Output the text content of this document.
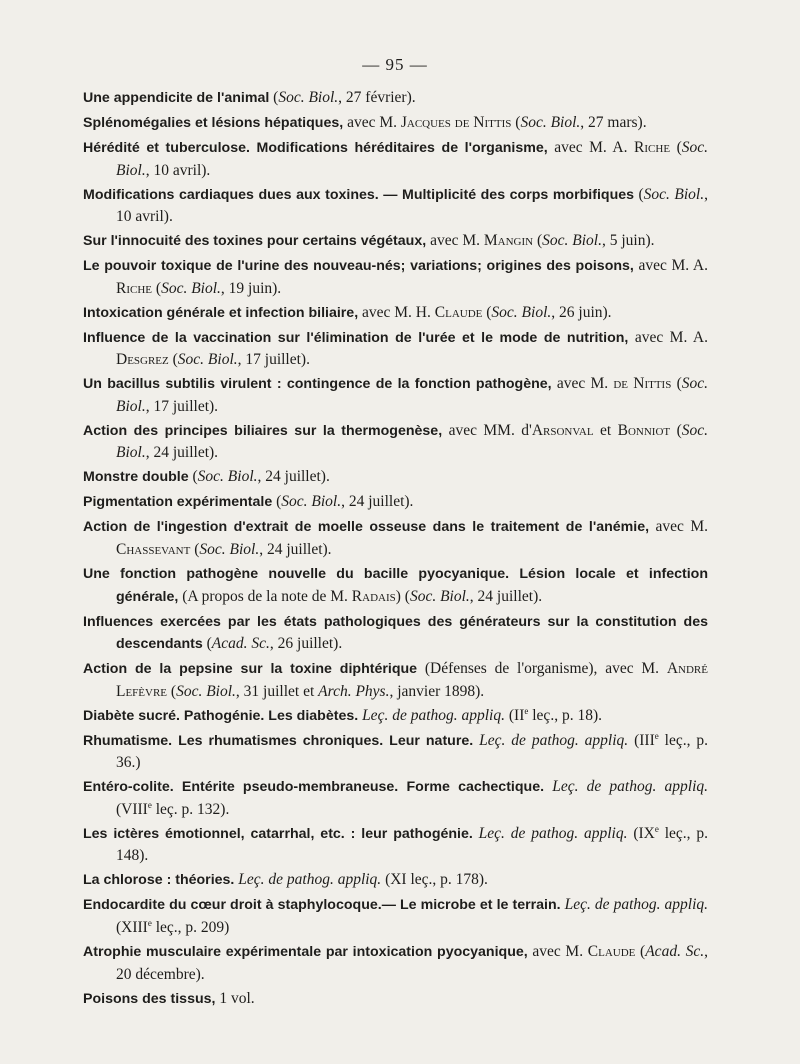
— 95 —

Une appendicite de l'animal (Soc. Biol., 27 février).

Splénomégalies et lésions hépatiques, avec M. Jacques de Nittis (Soc. Biol., 27 mars).

Hérédité et tuberculose. Modifications héréditaires de l'organisme, avec M. A. Riche (Soc. Biol., 10 avril).

Modifications cardiaques dues aux toxines. — Multiplicité des corps morbifiques (Soc. Biol., 10 avril).

Sur l'innocuité des toxines pour certains végétaux, avec M. Mangin (Soc. Biol., 5 juin).

Le pouvoir toxique de l'urine des nouveau-nés; variations; origines des poisons, avec M. A. Riche (Soc. Biol., 19 juin).

Intoxication générale et infection biliaire, avec M. H. Claude (Soc. Biol., 26 juin).

Influence de la vaccination sur l'élimination de l'urée et le mode de nutrition, avec M. A. Desgrez (Soc. Biol., 17 juillet).

Un bacillus subtilis virulent : contingence de la fonction pathogène, avec M. de Nittis (Soc. Biol., 17 juillet).

Action des principes biliaires sur la thermogenèse, avec MM. d'Arsonval et Bonniot (Soc. Biol., 24 juillet).

Monstre double (Soc. Biol., 24 juillet).

Pigmentation expérimentale (Soc. Biol., 24 juillet).

Action de l'ingestion d'extrait de moelle osseuse dans le traitement de l'anémie, avec M. Chassevant (Soc. Biol., 24 juillet).

Une fonction pathogène nouvelle du bacille pyocyanique. Lésion locale et infection générale, (A propos de la note de M. Radais) (Soc. Biol., 24 juillet).

Influences exercées par les états pathologiques des générateurs sur la constitution des descendants (Acad. Sc., 26 juillet).

Action de la pepsine sur la toxine diphtérique (Défenses de l'organisme), avec M. André Lefèvre (Soc. Biol., 31 juillet et Arch. Phys., janvier 1898).

Diabète sucré. Pathogénie. Les diabètes. Leç. de pathog. appliq. (IIe leç., p. 18).

Rhumatisme. Les rhumatismes chroniques. Leur nature. Leç. de pathog. appliq. (IIIe leç., p. 36.)

Entéro-colite. Entérite pseudo-membraneuse. Forme cachectique. Leç. de pathog. appliq. (VIIIe leç. p. 132).

Les ictères émotionnel, catarrhal, etc. : leur pathogénie. Leç. de pathog. appliq. (IXe leç., p. 148).

La chlorose : théories. Leç. de pathog. appliq. (XI leç., p. 178).

Endocardite du cœur droit à staphylocoque.— Le microbe et le terrain. Leç. de pathog. appliq. (XIIIe leç., p. 209)

Atrophie musculaire expérimentale par intoxication pyocyanique, avec M. Claude (Acad. Sc., 20 décembre).

Poisons des tissus, 1 vol.
